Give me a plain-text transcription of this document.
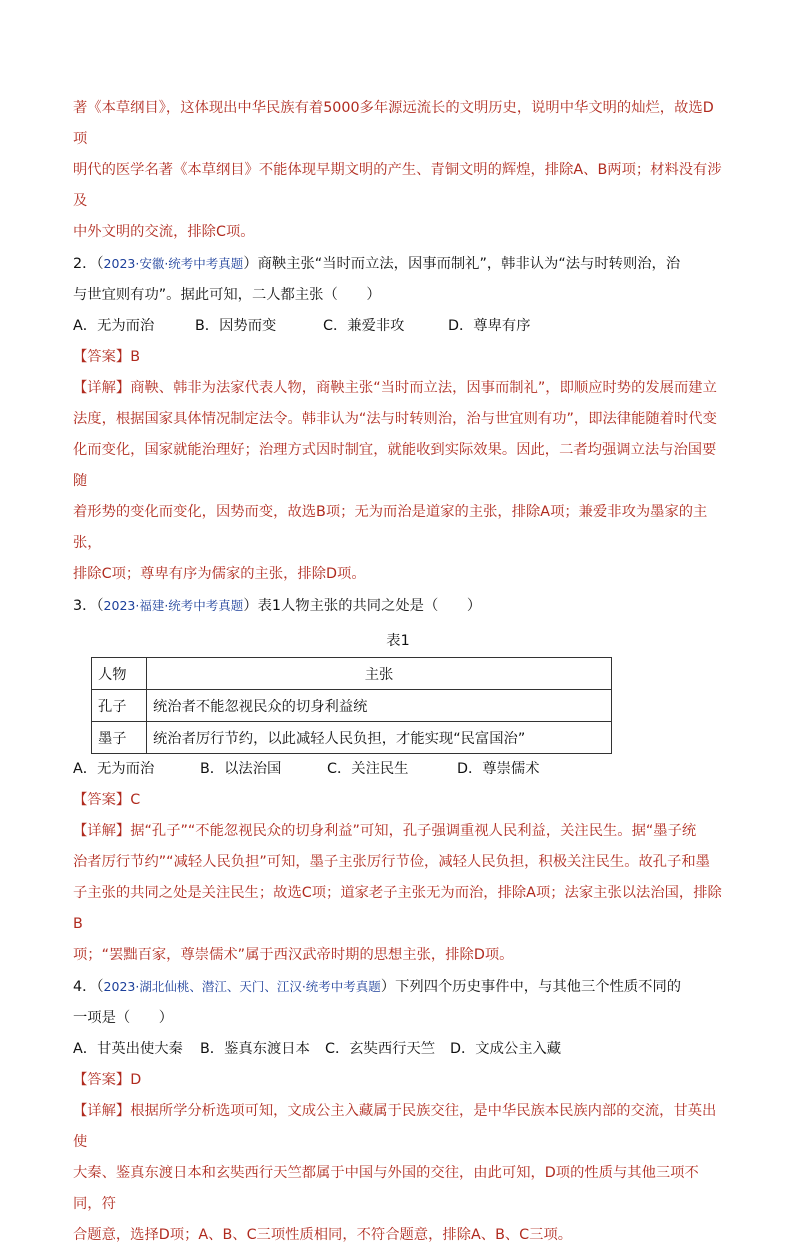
著《本草纲目》，这体现出中华民族有着5000多年源远流长的文明历史，说明中华文明的灿烂，故选D项

明代的医学名著《本草纲目》不能体现早期文明的产生、青铜文明的辉煌，排除A、B两项；材料没有涉及

中外文明的交流，排除C项。

2．（2023·安徽·统考中考真题）商鞅主张“当时而立法，因事而制礼”，韩非认为“法与时转则治，治

与世宜则有功”。据此可知，二人都主张（　　）

A．无为而治	B．因势而变	C．兼爱非攻	D．尊卑有序

【答案】B

【详解】商鞅、韩非为法家代表人物，商鞅主张“当时而立法，因事而制礼”，即顺应时势的发展而建立

法度，根据国家具体情况制定法令。韩非认为“法与时转则治，治与世宜则有功”，即法律能随着时代变

化而变化，国家就能治理好；治理方式因时制宜，就能收到实际效果。因此，二者均强调立法与治国要随

着形势的变化而变化，因势而变，故选B项；无为而治是道家的主张，排除A项；兼爱非攻为墨家的主张，

排除C项；尊卑有序为儒家的主张，排除D项。

3．（2023·福建·统考中考真题）表1人物主张的共同之处是（　　）

表1

人物	主张
孔子	统治者不能忽视民众的切身利益统
墨子	统治者厉行节约，以此减轻人民负担，才能实现“民富国治”

A．无为而治	B．以法治国	C．关注民生	D．尊崇儒术

【答案】C

【详解】据“孔子”“不能忽视民众的切身利益”可知，孔子强调重视人民利益，关注民生。据“墨子统

治者厉行节约”“减轻人民负担”可知，墨子主张厉行节俭，减轻人民负担，积极关注民生。故孔子和墨

子主张的共同之处是关注民生；故选C项；道家老子主张无为而治，排除A项；法家主张以法治国，排除B

项；“罢黜百家，尊崇儒术”属于西汉武帝时期的思想主张，排除D项。

4．（2023·湖北仙桃、潜江、天门、江汉·统考中考真题）下列四个历史事件中，与其他三个性质不同的

一项是（　　）

A．甘英出使大秦 B．鉴真东渡日本 C．玄奘西行天竺 D．文成公主入藏

【答案】D

【详解】根据所学分析选项可知，文成公主入藏属于民族交往，是中华民族本民族内部的交流，甘英出使

大秦、鉴真东渡日本和玄奘西行天竺都属于中国与外国的交往，由此可知，D项的性质与其他三项不同，符

合题意，选择D项；A、B、C三项性质相同，不符合题意，排除A、B、C三项。
